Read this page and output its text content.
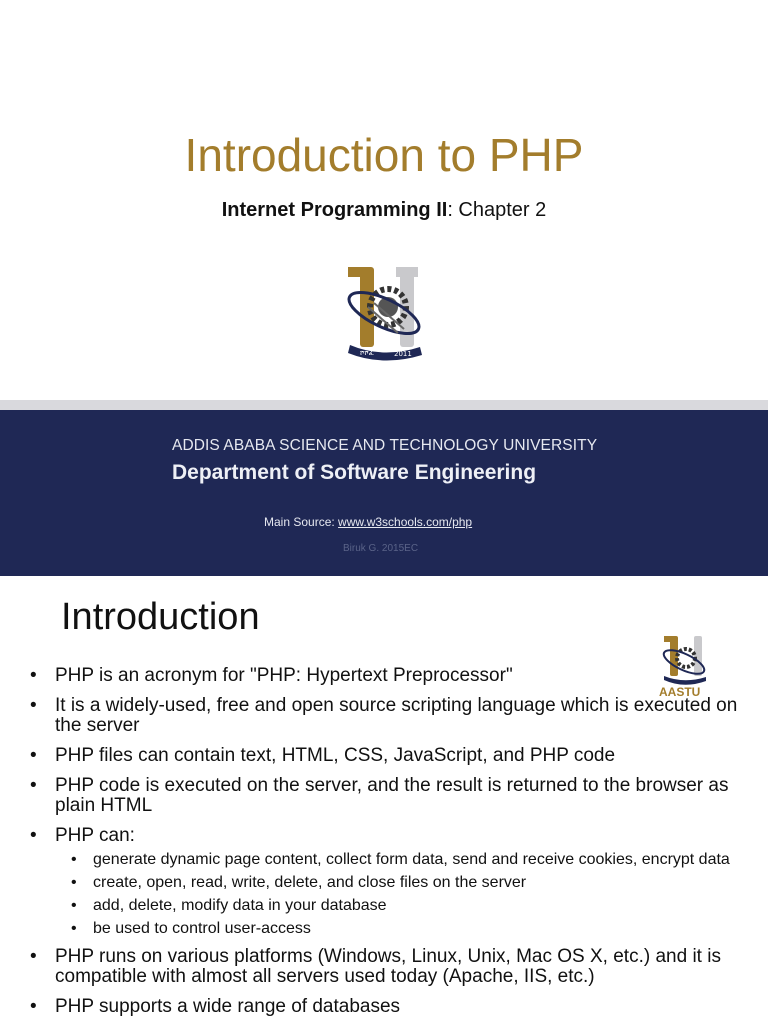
Introduction to PHP
Internet Programming II: Chapter 2
ሾሾፈ	2011
ADDIS ABABA SCIENCE AND TECHNOLOGY UNIVERSITY
Department of Software Engineering
Main Source: www.w3schools.com/php
Biruk G. 2015EC
Introduction
AASTU
• PHP is an acronym for "PHP: Hypertext Preprocessor"
• It is a widely-used, free and open source scripting language which is executed on the server
• PHP files can contain text, HTML, CSS, JavaScript, and PHP code
• PHP code is executed on the server, and the result is returned to the browser as plain HTML
• PHP can:
• generate dynamic page content, collect form data, send and receive cookies, encrypt data
• create, open, read, write, delete, and close files on the server
• add, delete, modify data in your database
• be used to control user-access
• PHP runs on various platforms (Windows, Linux, Unix, Mac OS X, etc.) and it is compatible with almost all servers used today (Apache, IIS, etc.)
• PHP supports a wide range of databases
